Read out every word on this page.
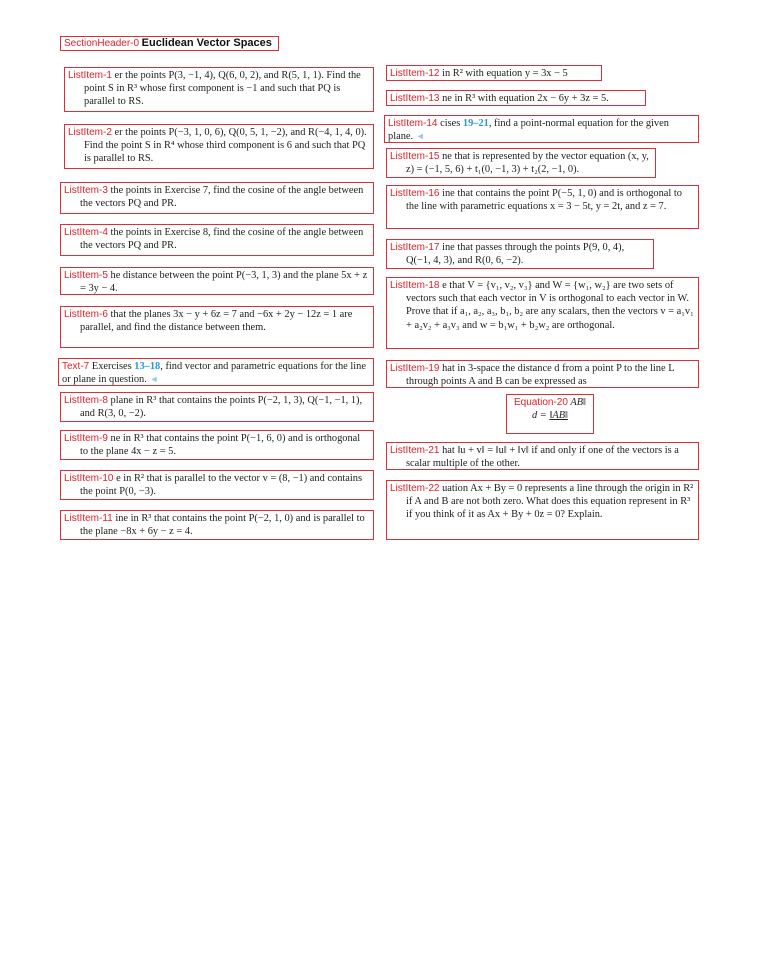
SectionHeader-0 Euclidean Vector Spaces
ListItem-1 er the points P(3, −1, 4), Q(6, 0, 2), and R(5, 1, 1). Find the point S in R³ whose first component is −1 and such that PQ is parallel to RS.
ListItem-2 er the points P(−3, 1, 0, 6), Q(0, 5, 1, −2), and R(−4, 1, 4, 0). Find the point S in R⁴ whose third component is 6 and such that PQ is parallel to RS.
ListItem-3 the points in Exercise 7, find the cosine of the angle between the vectors PQ and PR.
ListItem-4 the points in Exercise 8, find the cosine of the angle between the vectors PQ and PR.
ListItem-5 he distance between the point P(−3, 1, 3) and the plane 5x + z = 3y − 4.
ListItem-6 that the planes 3x − y + 6z = 7 and −6x + 2y − 12z = 1 are parallel, and find the distance between them.
Text-7 Exercises 13–18, find vector and parametric equations for the line or plane in question. ◄
ListItem-8 plane in R³ that contains the points P(−2, 1, 3), Q(−1, −1, 1), and R(3, 0, −2).
ListItem-9 ne in R³ that contains the point P(−1, 6, 0) and is orthogonal to the plane 4x − z = 5.
ListItem-10 e in R² that is parallel to the vector v = (8, −1) and contains the point P(0, −3).
ListItem-11 ine in R³ that contains the point P(−2, 1, 0) and is parallel to the plane −8x + 6y − z = 4.
ListItem-12 in R² with equation y = 3x − 5
ListItem-13 ne in R³ with equation 2x − 6y + 3z = 5.
ListItem-14 cises 19–21, find a point-normal equation for the given plane. ◄
ListItem-15 ne that is represented by the vector equation (x, y, z) = (−1, 5, 6) + t₁(0, −1, 3) + t₂(2, −1, 0).
ListItem-16 ine that contains the point P(−5, 1, 0) and is orthogonal to the line with parametric equations x = 3 − 5t, y = 2t, and z = 7.
ListItem-17 ine that passes through the points P(9, 0, 4), Q(−1, 4, 3), and R(0, 6, −2).
ListItem-18 e that V = {v₁, v₂, v₃} and W = {w₁, w₂} are two sets of vectors such that each vector in V is orthogonal to each vector in W. Prove that if a₁, a₂, a₃, b₁, b₂ are any scalars, then the vectors v = a₁v₁ + a₂v₂ + a₃v₃ and w = b₁w₁ + b₂w₂ are orthogonal.
ListItem-19 hat in 3-space the distance d from a point P to the line L through points A and B can be expressed as
Equation-20 AB‖
d = ‖AB‖
ListItem-21 hat ‖u + v‖ = ‖u‖ + ‖v‖ if and only if one of the vectors is a scalar multiple of the other.
ListItem-22 uation Ax + By = 0 represents a line through the origin in R² if A and B are not both zero. What does this equation represent in R³ if you think of it as Ax + By + 0z = 0? Explain.
